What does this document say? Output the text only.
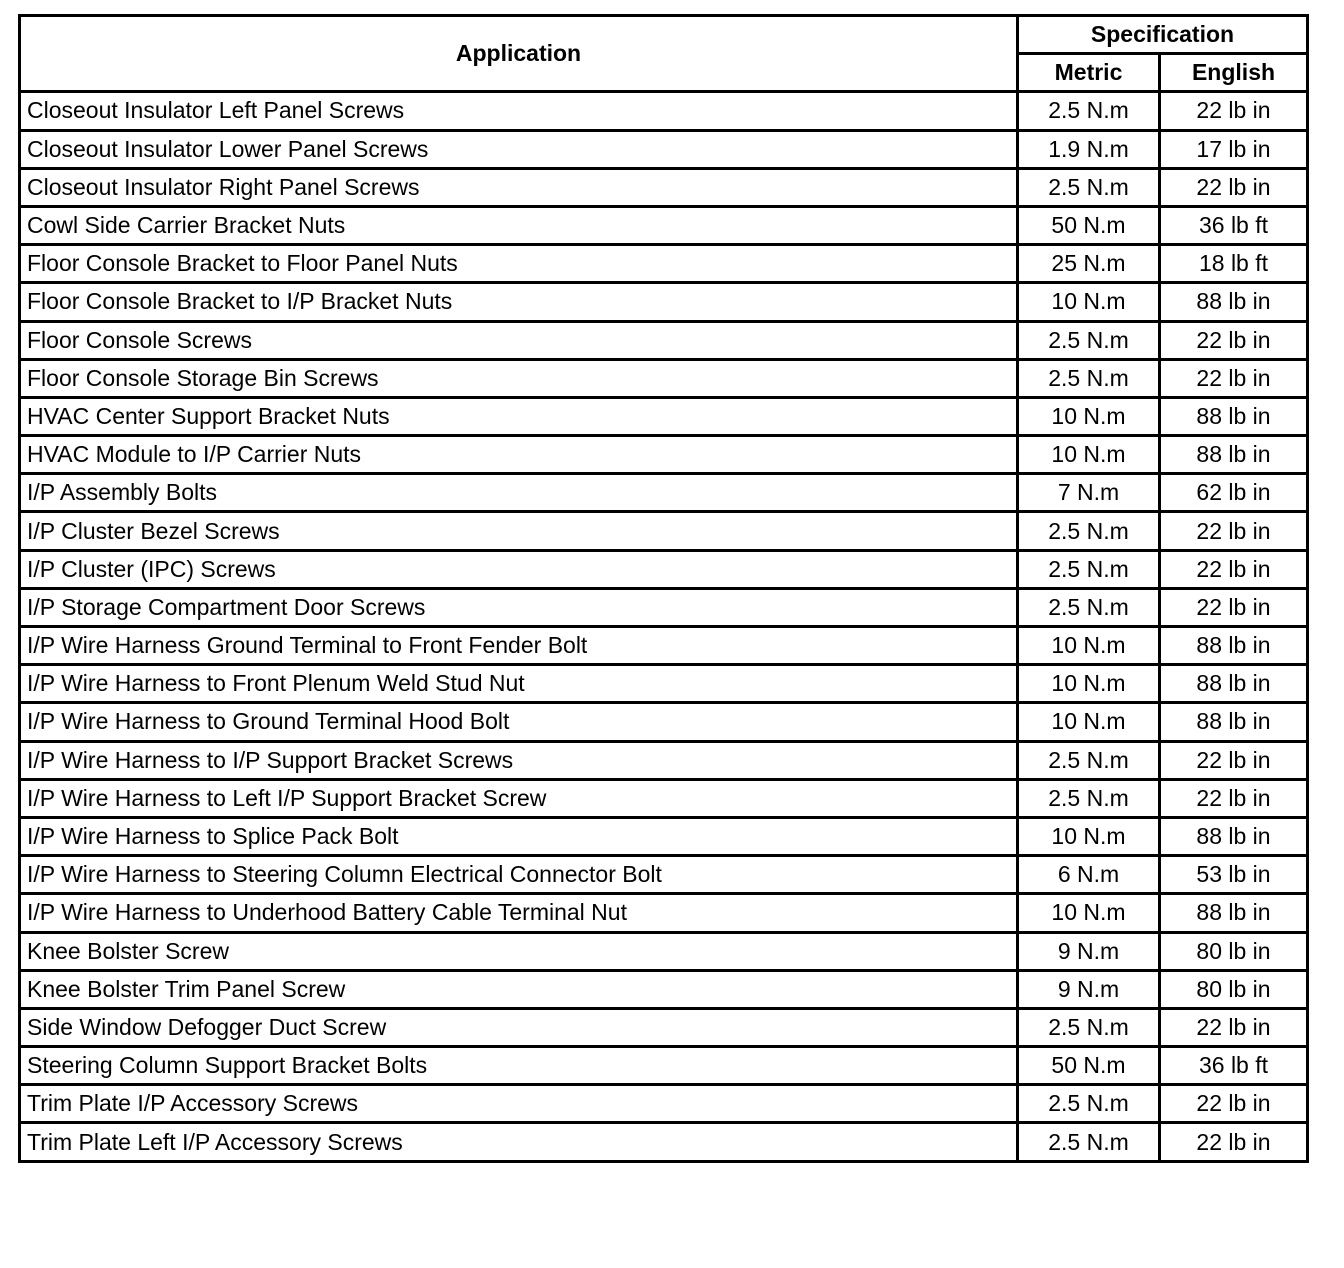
Application	Specification	
	Metric	English
Closeout Insulator Left Panel Screws	2.5 N.m	22 lb in
Closeout Insulator Lower Panel Screws	1.9 N.m	17 lb in
Closeout Insulator Right Panel Screws	2.5 N.m	22 lb in
Cowl Side Carrier Bracket Nuts	50 N.m	36 lb ft
Floor Console Bracket to Floor Panel Nuts	25 N.m	18 lb ft
Floor Console Bracket to I/P Bracket Nuts	10 N.m	88 lb in
Floor Console Screws	2.5 N.m	22 lb in
Floor Console Storage Bin Screws	2.5 N.m	22 lb in
HVAC Center Support Bracket Nuts	10 N.m	88 lb in
HVAC Module to I/P Carrier Nuts	10 N.m	88 lb in
I/P Assembly Bolts	7 N.m	62 lb in
I/P Cluster Bezel Screws	2.5 N.m	22 lb in
I/P Cluster (IPC) Screws	2.5 N.m	22 lb in
I/P Storage Compartment Door Screws	2.5 N.m	22 lb in
I/P Wire Harness Ground Terminal to Front Fender Bolt	10 N.m	88 lb in
I/P Wire Harness to Front Plenum Weld Stud Nut	10 N.m	88 lb in
I/P Wire Harness to Ground Terminal Hood Bolt	10 N.m	88 lb in
I/P Wire Harness to I/P Support Bracket Screws	2.5 N.m	22 lb in
I/P Wire Harness to Left I/P Support Bracket Screw	2.5 N.m	22 lb in
I/P Wire Harness to Splice Pack Bolt	10 N.m	88 lb in
I/P Wire Harness to Steering Column Electrical Connector Bolt	6 N.m	53 lb in
I/P Wire Harness to Underhood Battery Cable Terminal Nut	10 N.m	88 lb in
Knee Bolster Screw	9 N.m	80 lb in
Knee Bolster Trim Panel Screw	9 N.m	80 lb in
Side Window Defogger Duct Screw	2.5 N.m	22 lb in
Steering Column Support Bracket Bolts	50 N.m	36 lb ft
Trim Plate I/P Accessory Screws	2.5 N.m	22 lb in
Trim Plate Left I/P Accessory Screws	2.5 N.m	22 lb in
